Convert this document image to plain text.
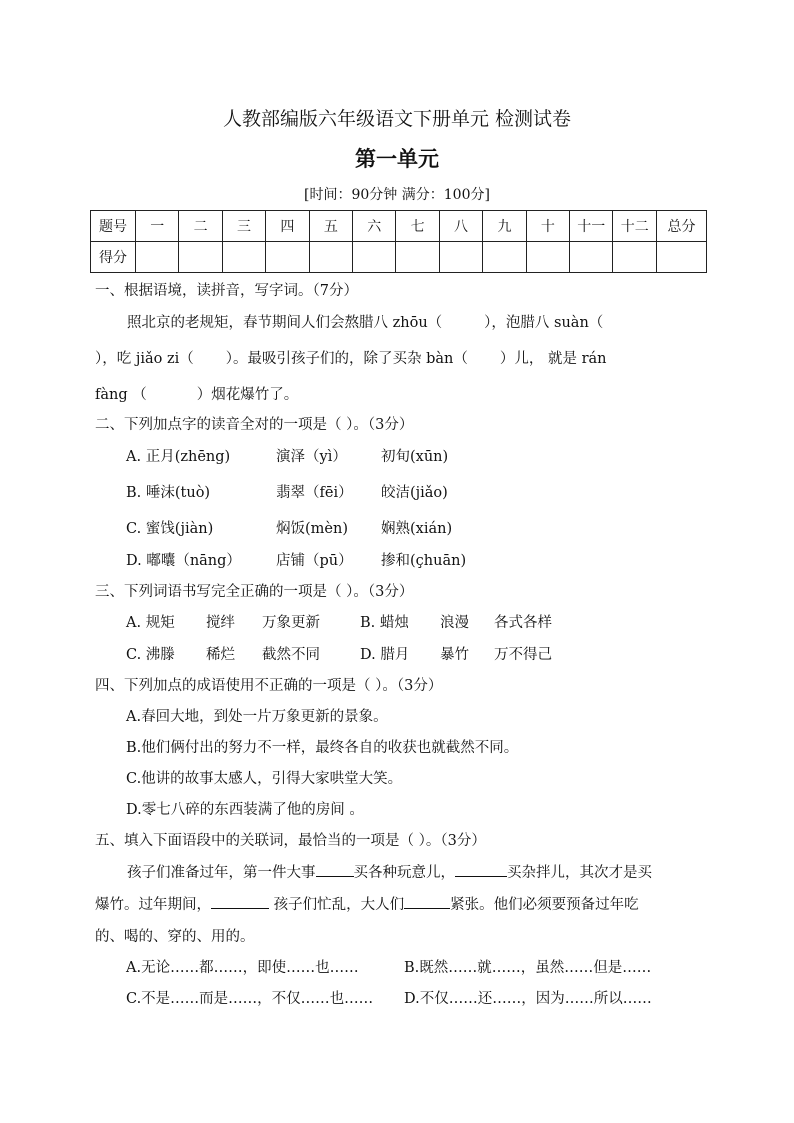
人教部编版六年级语文下册单元 检测试卷
第一单元
[时间：90分钟 满分：100分]
题号	一	二	三	四	五	六	七	八	九	十	十一	十二	总分
得分													
一、根据语境，读拼音，写字词。（7分）
照北京的老规矩，春节期间人们会熬腊八 zhōu（	），泡腊八 suàn（
），吃 jiǎo zi（ ）。最吸引孩子们的，除了买杂 bàn（ ）儿， 就是 rán
fàng （	）烟花爆竹了。
二、下列加点字的读音全对的一项是（ ）。（3分）
A. 正月(zhēng)	演泽（yì） 初旬(xūn)
B. 唾沫(tuò)	翡翠（fēi） 皎洁(jiǎo)
C. 蜜饯(jiàn)	焖饭(mèn) 娴熟(xián)
D. 嘟囔（nāng） 店铺（pū） 掺和(çhuān)
三、下列词语书写完全正确的一项是（ ）。（3分）
A. 规矩 搅绊 万象更新	B. 蜡烛 浪漫 各式各样
C. 沸滕 稀烂 截然不同	D. 腊月 暴竹 万不得己
四、下列加点的成语使用不正确的一项是（ ）。（3分）
A.春回大地，到处一片万象更新的景象。
B.他们俩付出的努力不一样，最终各自的收获也就截然不同。
C.他讲的故事太感人，引得大家哄堂大笑。
D.零七八碎的东西装满了他的房间 。
五、填入下面语段中的关联词，最恰当的一项是（ ）。（3分）
孩子们准备过年，第一件大事	买各种玩意儿，	买杂拌儿，其次才是买
爆竹。过年期间，	孩子们忙乱，大人们	紧张。他们必须要预备过年吃
的、喝的、穿的、用的。
A.无论……都……，即使……也……	B.既然……就……，虽然……但是……
C.不是……而是……，不仅……也…… D.不仅……还……，因为……所以……
